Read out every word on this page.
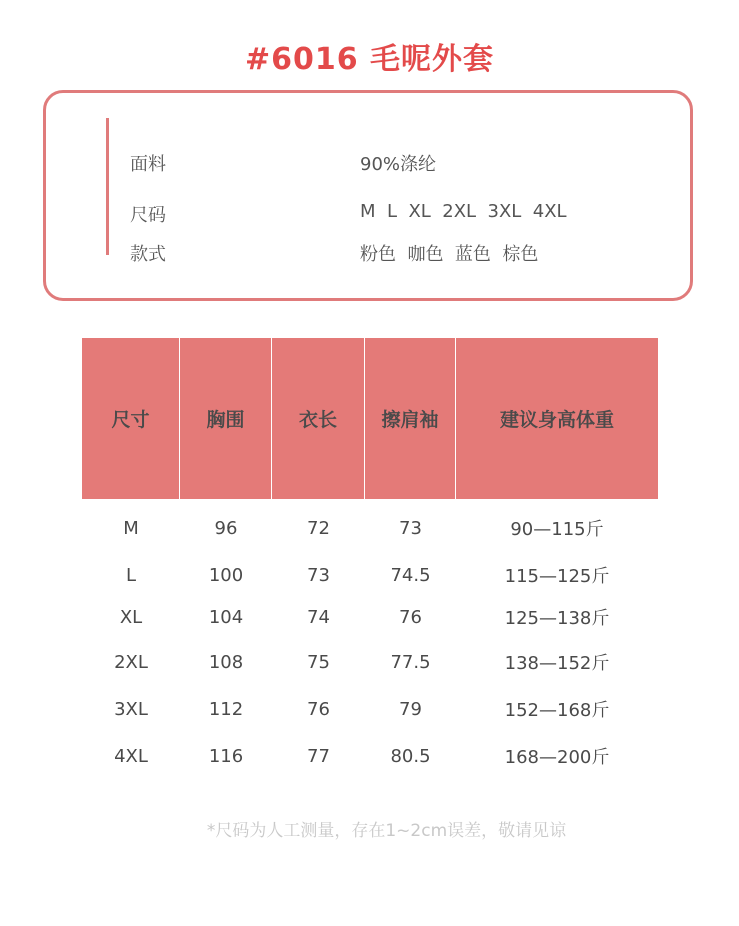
#6016 毛呢外套
面料	90%涤纶
尺码	M  L  XL  2XL  3XL  4XL
款式	粉色  咖色  蓝色  棕色
尺寸	胸围	衣长	擦肩袖	建议身高体重
M	96	72	73	90—115斤
L	100	73	74.5	115—125斤
XL	104	74	76	125—138斤
2XL	108	75	77.5	138—152斤
3XL	112	76	79	152—168斤
4XL	116	77	80.5	168—200斤
*尺码为人工测量，存在1~2cm误差，敬请见谅
